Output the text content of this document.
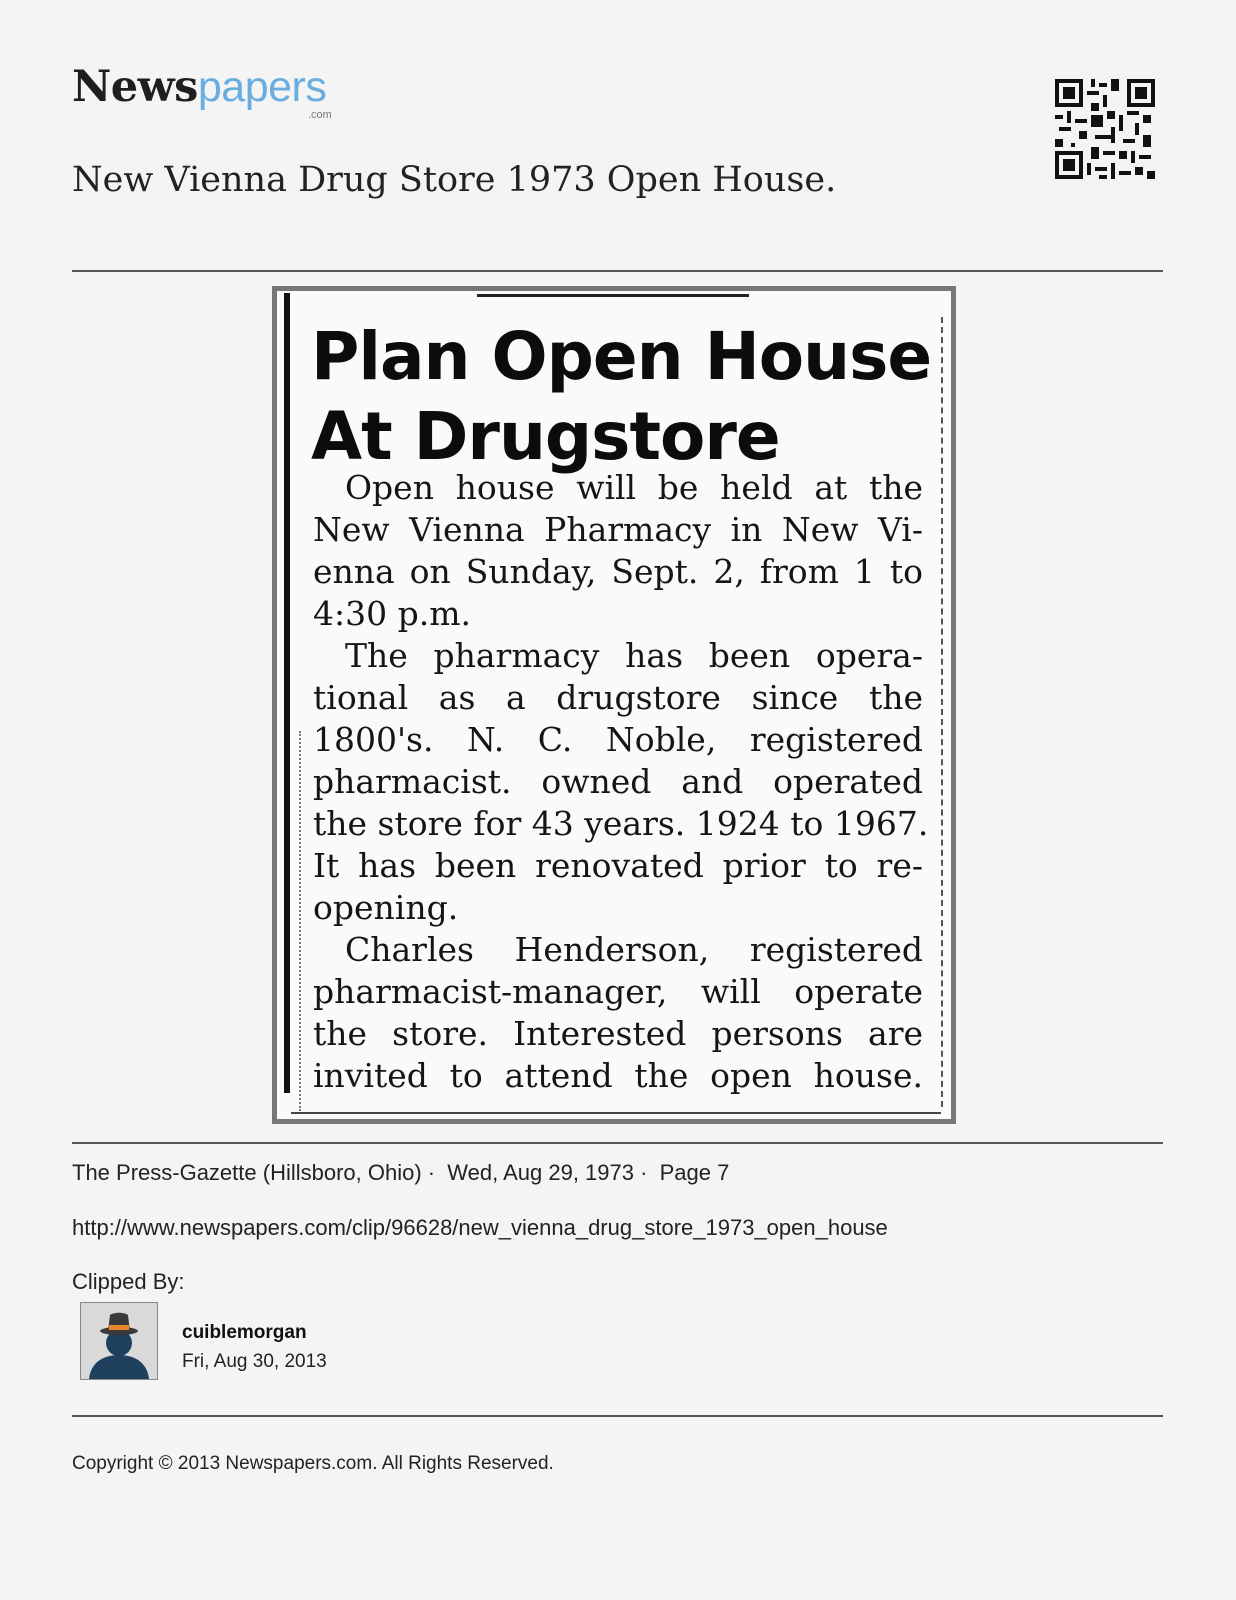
Newspapers
.com
New Vienna Drug Store 1973 Open House.
Plan Open House
At Drugstore
Open house will be held at the
New Vienna Pharmacy in New Vi-
enna on Sunday, Sept. 2, from 1 to
4:30 p.m.
The pharmacy has been opera-
tional as a drugstore since the
1800's. N. C. Noble, registered
pharmacist. owned and operated
the store for 43 years. 1924 to 1967.
It has been renovated prior to re-
opening.
Charles Henderson, registered
pharmacist-manager, will operate
the store. Interested persons are
invited to attend the open house.
The Press-Gazette (Hillsboro, Ohio) · Wed, Aug 29, 1973 · Page 7
http://www.newspapers.com/clip/96628/new_vienna_drug_store_1973_open_house
Clipped By:
cuiblemorgan
Fri, Aug 30, 2013
Copyright © 2013 Newspapers.com. All Rights Reserved.
